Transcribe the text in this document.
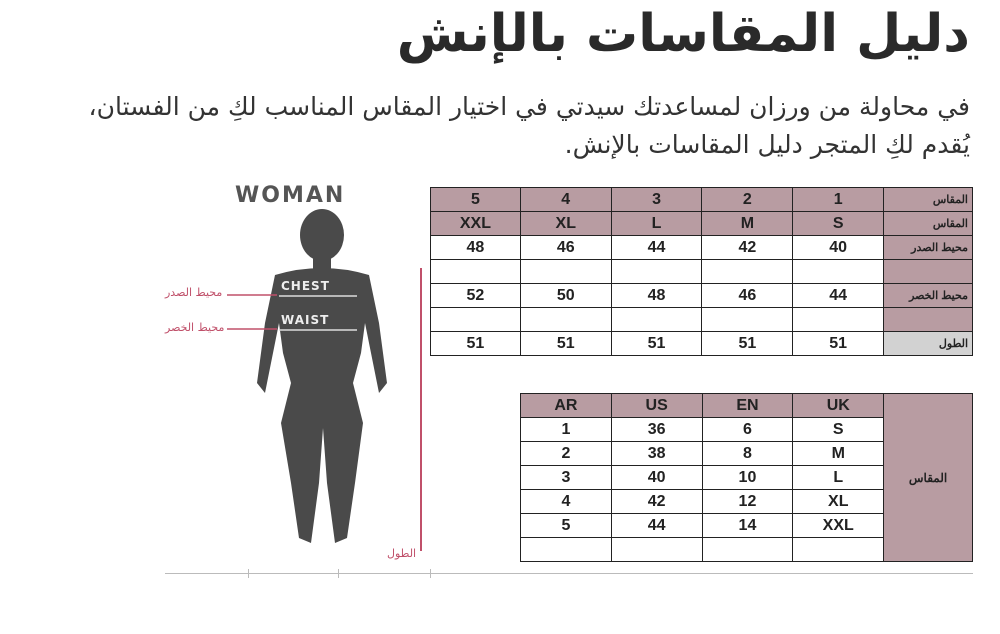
دليل المقاسات بالإنش

في محاولة من ورزان لمساعدتك سيدتي في اختيار المقاس المناسب لكِ من الفستان، يُقدم لكِ المتجر دليل المقاسات بالإنش.

WOMAN
محيط الصدر
محيط الخصر
CHEST
WAIST
الطول
5	4	3	2	1	المقاس
XXL	XL	L	M	S	المقاس
48	46	44	42	40	محيط الصدر

52	50	48	46	44	محيط الخصر

51	51	51	51	51	الطول
AR	US	EN	UK	المقاس
1	36	6	S	
2	38	8	M	
3	40	10	L	
4	42	12	XL	
5	44	14	XXL	
